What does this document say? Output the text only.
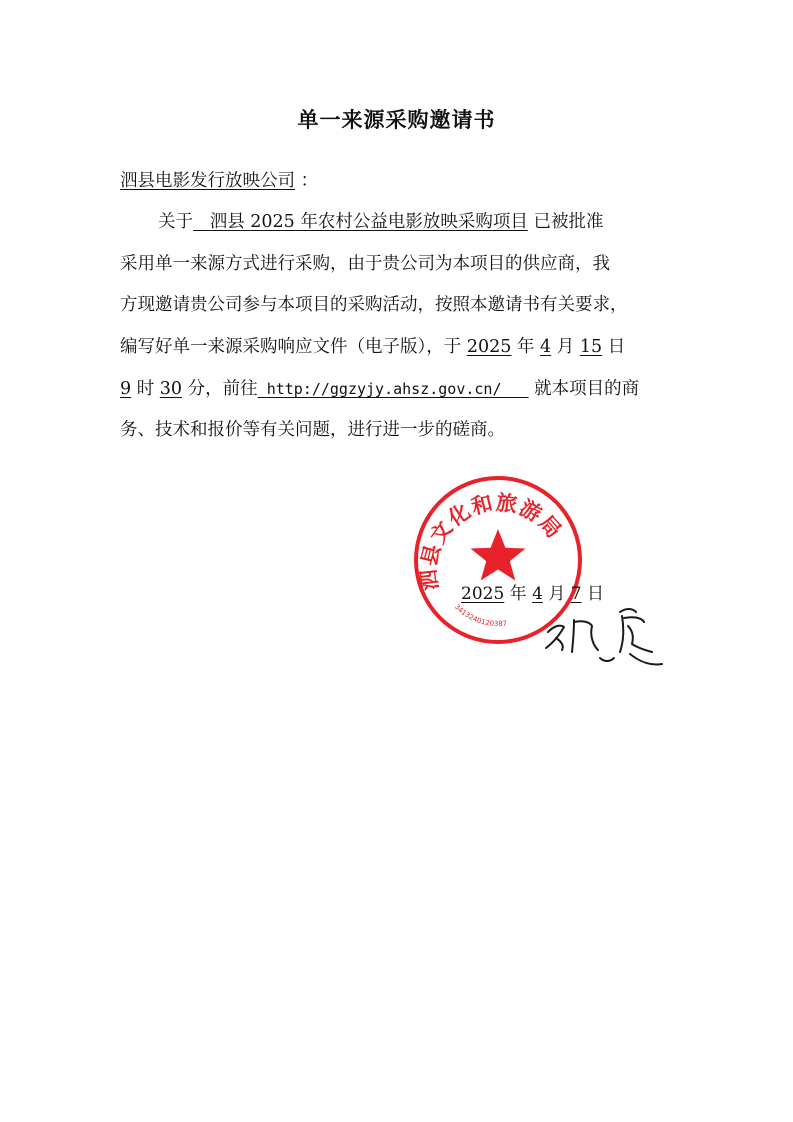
单一来源采购邀请书
泗县电影发行放映公司 ：
关于 泗县 2025 年农村公益电影放映采购项目 已被批准
采用单一来源方式进行采购，由于贵公司为本项目的供应商，我
方现邀请贵公司参与本项目的采购活动，按照本邀请书有关要求，
编写好单一来源采购响应文件（电子版），于 2025 年 4 月 15 日
9 时 30 分，前往 http://ggzyjy.ahsz.gov.cn/ 就本项目的商
务、技术和报价等有关问题，进行进一步的磋商。
泗县文化和旅游局
3413240120387
2025 年 4 月 7 日
